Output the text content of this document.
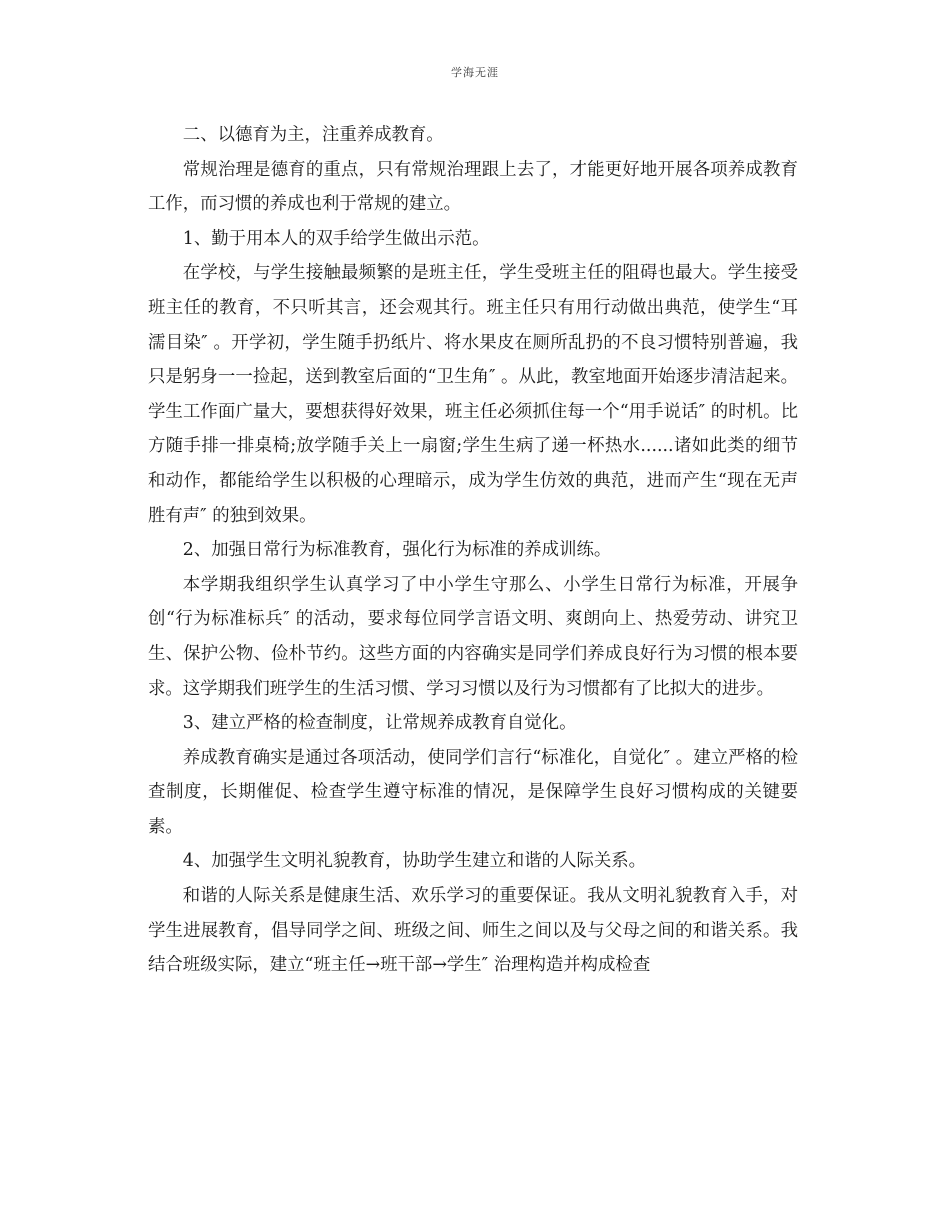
学海无涯

二、以德育为主，注重养成教育。

常规治理是德育的重点，只有常规治理跟上去了，才能更好地开展各项养成教育工作，而习惯的养成也利于常规的建立。

1、勤于用本人的双手给学生做出示范。

在学校，与学生接触最频繁的是班主任，学生受班主任的阻碍也最大。学生接受班主任的教育，不只听其言，还会观其行。班主任只有用行动做出典范，使学生“耳濡目染″ 。开学初，学生随手扔纸片、将水果皮在厕所乱扔的不良习惯特别普遍，我只是躬身一一捡起，送到教室后面的“卫生角″ 。从此，教室地面开始逐步清洁起来。学生工作面广量大，要想获得好效果，班主任必须抓住每一个“用手说话″ 的时机。比方随手排一排桌椅;放学随手关上一扇窗;学生生病了递一杯热水......诸如此类的细节和动作，都能给学生以积极的心理暗示，成为学生仿效的典范，进而产生“现在无声胜有声″ 的独到效果。

2、加强日常行为标准教育，强化行为标准的养成训练。

本学期我组织学生认真学习了中小学生守那么、小学生日常行为标准，开展争创“行为标准标兵″ 的活动，要求每位同学言语文明、爽朗向上、热爱劳动、讲究卫生、保护公物、俭朴节约。这些方面的内容确实是同学们养成良好行为习惯的根本要求。这学期我们班学生的生活习惯、学习习惯以及行为习惯都有了比拟大的进步。

3、建立严格的检查制度，让常规养成教育自觉化。

养成教育确实是通过各项活动，使同学们言行“标准化，自觉化″ 。建立严格的检查制度，长期催促、检查学生遵守标准的情况，是保障学生良好习惯构成的关键要素。

4、加强学生文明礼貌教育，协助学生建立和谐的人际关系。

和谐的人际关系是健康生活、欢乐学习的重要保证。我从文明礼貌教育入手，对学生进展教育，倡导同学之间、班级之间、师生之间以及与父母之间的和谐关系。我结合班级实际，建立“班主任→班干部→学生″ 治理构造并构成检查
